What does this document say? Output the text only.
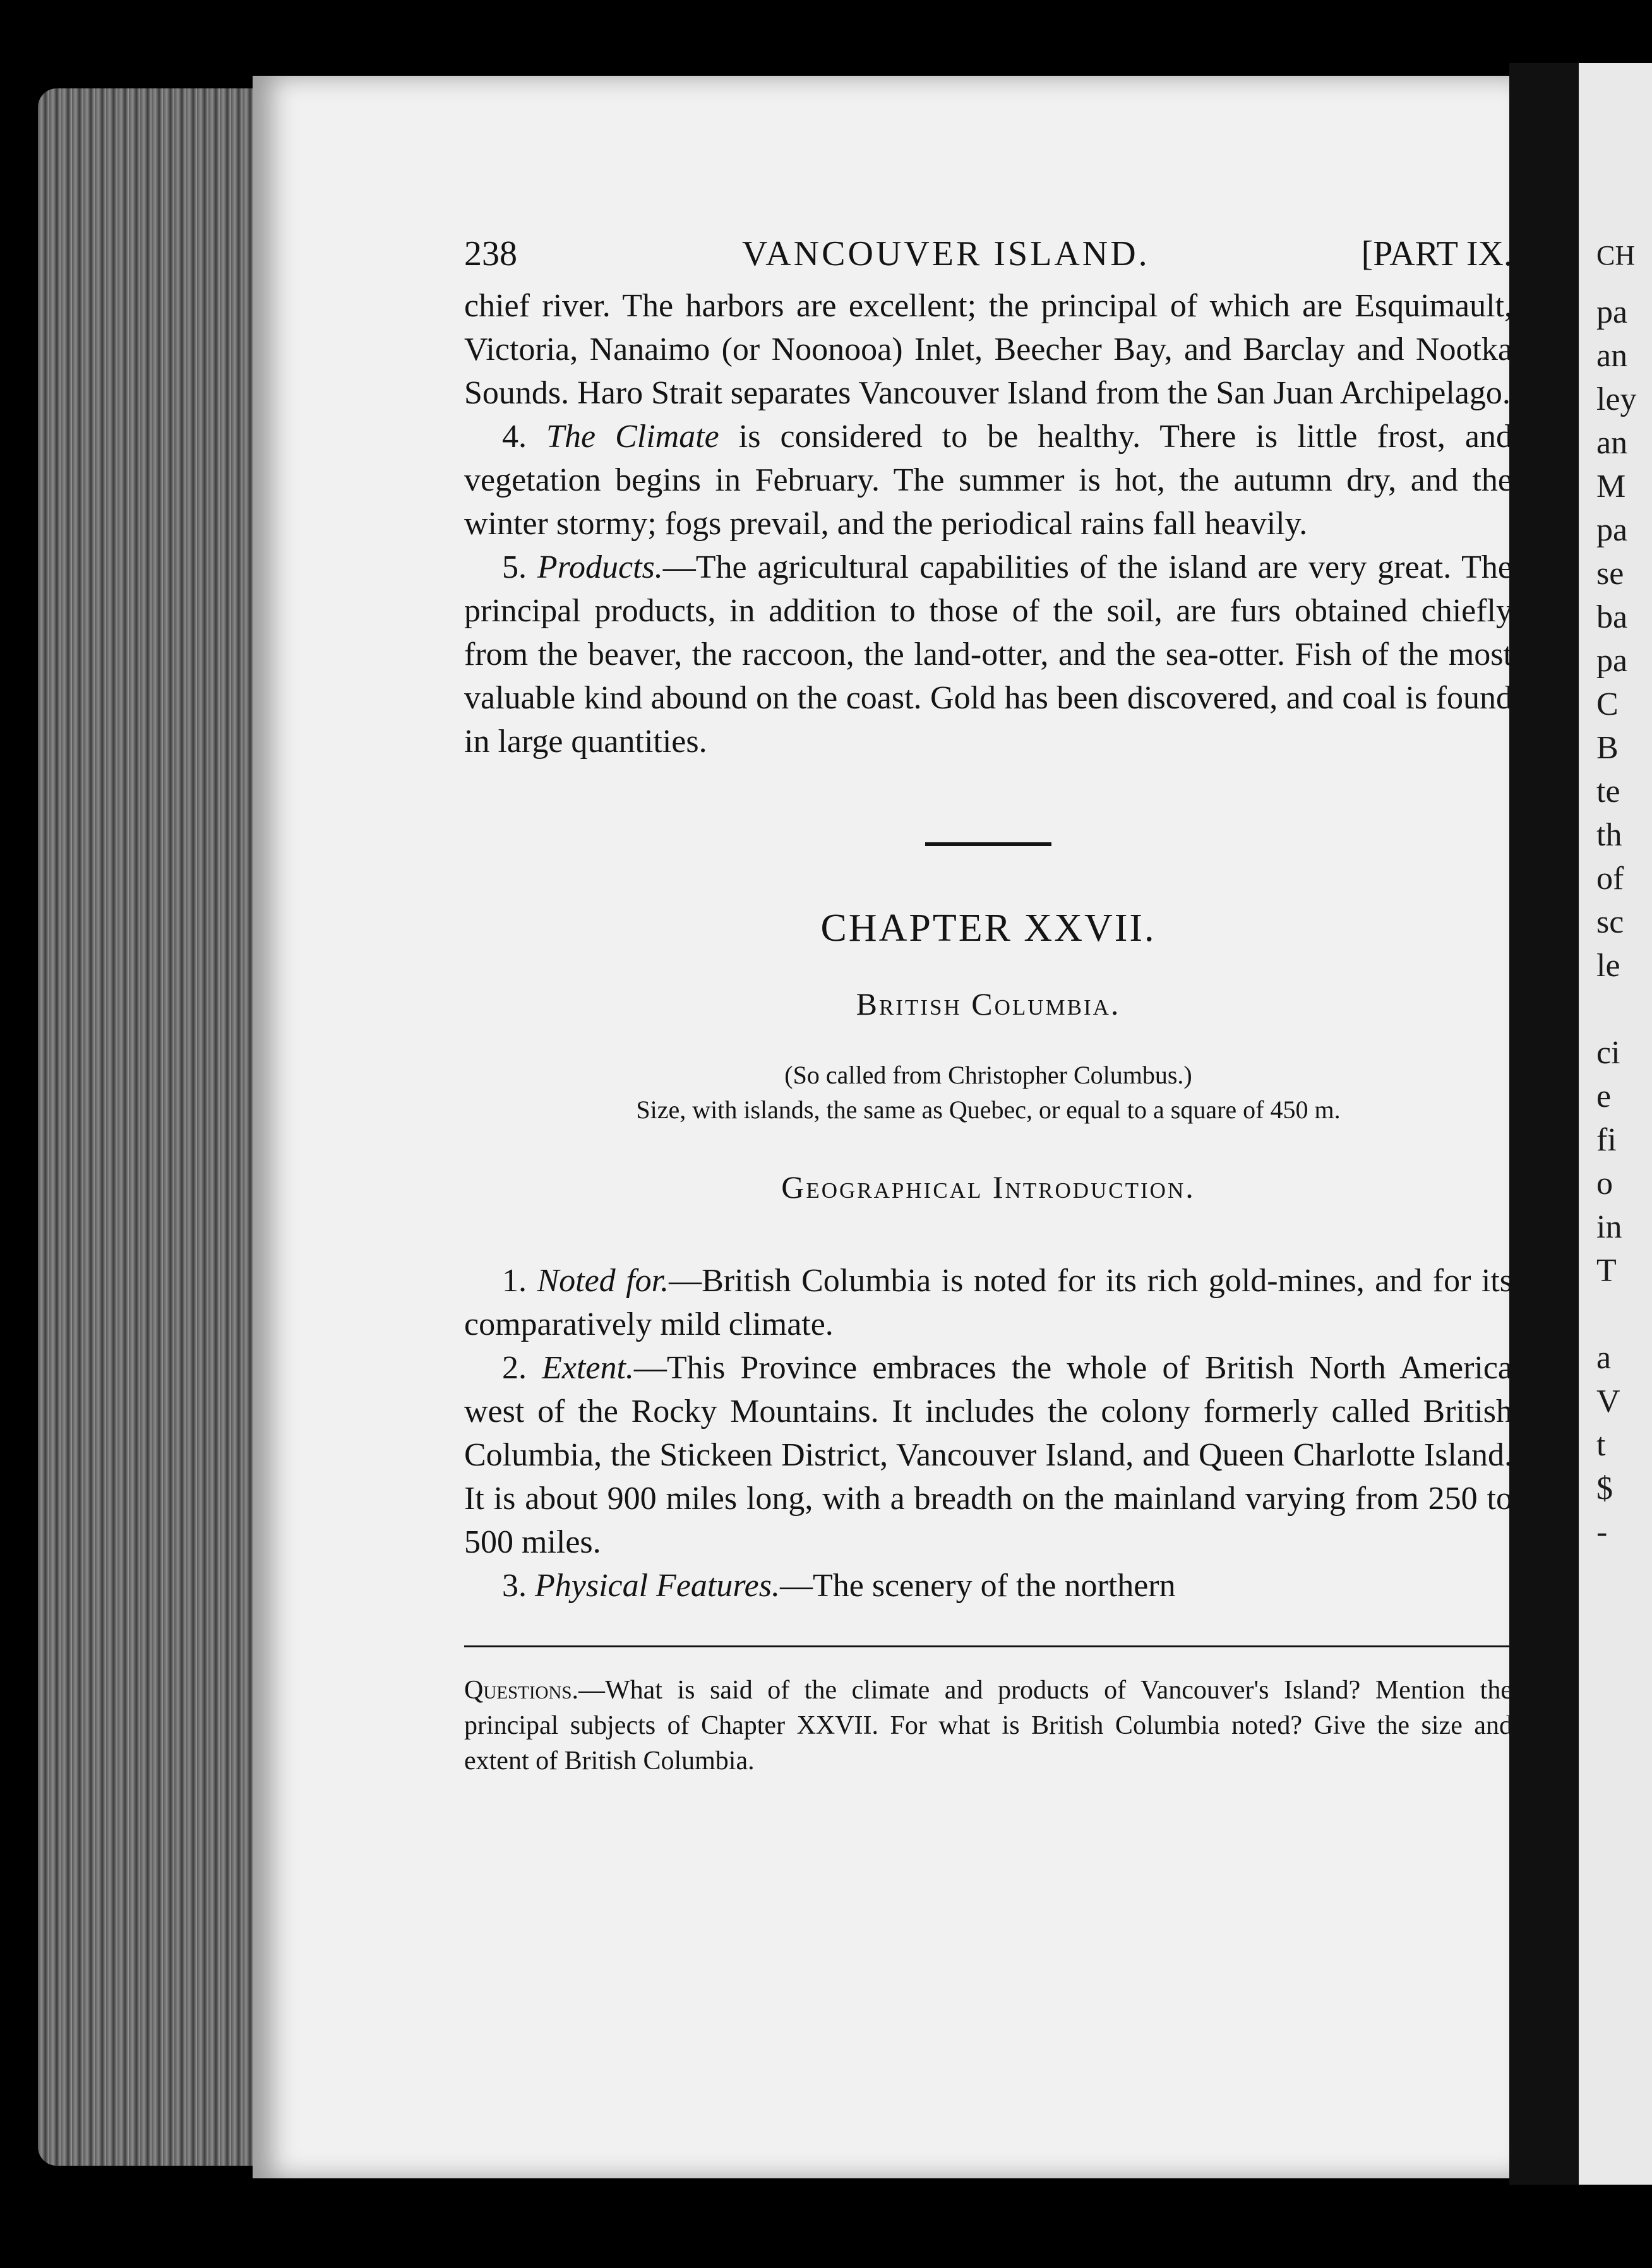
CH
pa
an
ley
an
M
pa
se
ba
pa
C
B
te
th
of
sc
le
ci
e
fi
o
in
T
a
V
t
$
-
238	VANCOUVER ISLAND.	[PART IX.

chief river. The harbors are excellent; the principal of which are Esquimault, Victoria, Nanaimo (or Noonooa) Inlet, Beecher Bay, and Barclay and Nootka Sounds. Haro Strait separates Vancouver Island from the San Juan Archipelago.

4. The Climate is considered to be healthy. There is little frost, and vegetation begins in February. The summer is hot, the autumn dry, and the winter stormy; fogs prevail, and the periodical rains fall heavily.

5. Products.—The agricultural capabilities of the island are very great. The principal products, in addition to those of the soil, are furs obtained chiefly from the beaver, the raccoon, the land-otter, and the sea-otter. Fish of the most valuable kind abound on the coast. Gold has been discovered, and coal is found in large quantities.

CHAPTER XXVII.
British Columbia.
(So called from Christopher Columbus.)
Size, with islands, the same as Quebec, or equal to a square of 450 m.
Geographical Introduction.

1. Noted for.—British Columbia is noted for its rich gold-mines, and for its comparatively mild climate.

2. Extent.—This Province embraces the whole of British North America west of the Rocky Mountains. It includes the colony formerly called British Columbia, the Stickeen District, Vancouver Island, and Queen Charlotte Island. It is about 900 miles long, with a breadth on the mainland varying from 250 to 500 miles.

3. Physical Features.—The scenery of the northern

Questions.—What is said of the climate and products of Vancouver's Island? Mention the principal subjects of Chapter XXVII. For what is British Columbia noted? Give the size and extent of British Columbia.
